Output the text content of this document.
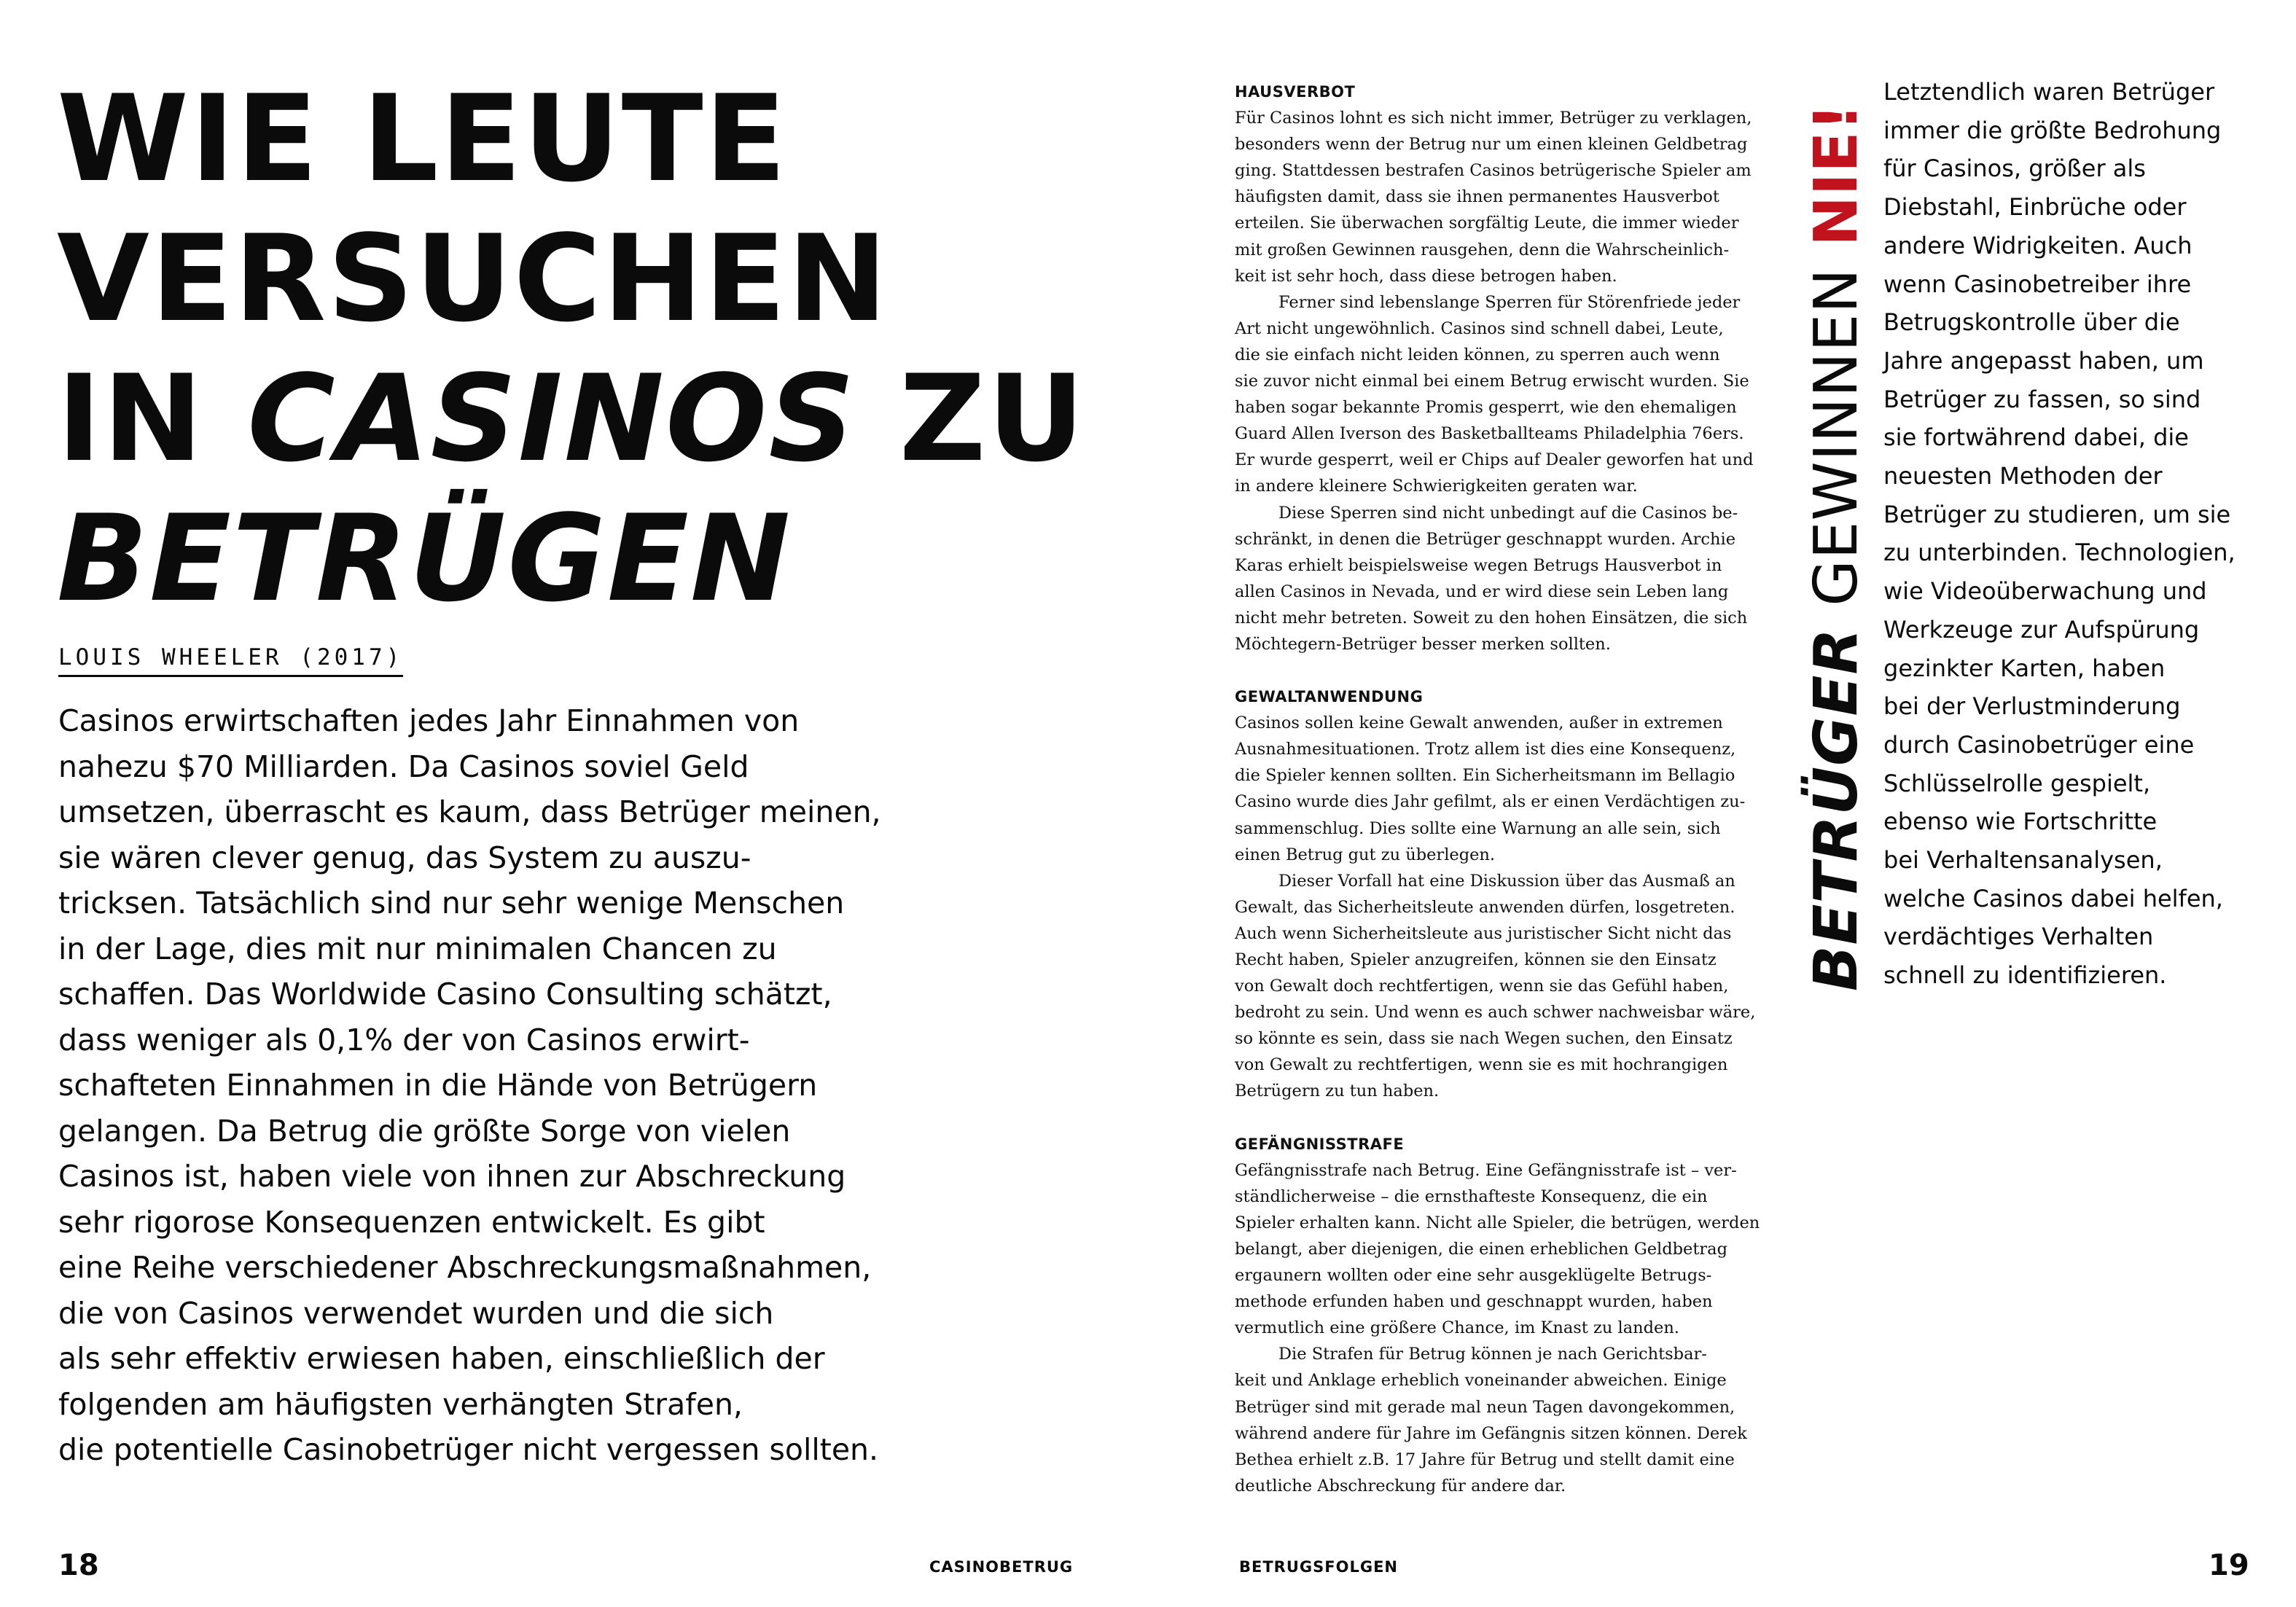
WIE LEUTE
VERSUCHEN
IN CASINOS ZU
BETRÜGEN
LOUIS WHEELER (2017)
Casinos erwirtschaften jedes Jahr Einnahmen von
nahezu $70 Milliarden. Da Casinos soviel Geld
umsetzen, überrascht es kaum, dass Betrüger meinen,
sie wären clever genug, das System zu auszu-
tricksen. Tatsächlich sind nur sehr wenige Menschen
in der Lage, dies mit nur minimalen Chancen zu
schaffen. Das Worldwide Casino Consulting schätzt,
dass weniger als 0,1% der von Casinos erwirt-
schafteten Einnahmen in die Hände von Betrügern
gelangen. Da Betrug die größte Sorge von vielen
Casinos ist, haben viele von ihnen zur Abschreckung
sehr rigorose Konsequenzen entwickelt. Es gibt
eine Reihe verschiedener Abschreckungsmaßnahmen,
die von Casinos verwendet wurden und die sich
als sehr effektiv erwiesen haben, einschließlich der
folgenden am häufigsten verhängten Strafen,
die potentielle Casinobetrüger nicht vergessen sollten.
18	CASINOBETRUG
HAUSVERBOT
Für Casinos lohnt es sich nicht immer, Betrüger zu verklagen,
besonders wenn der Betrug nur um einen kleinen Geldbetrag
ging. Stattdessen bestrafen Casinos betrügerische Spieler am
häufigsten damit, dass sie ihnen permanentes Hausverbot
erteilen. Sie überwachen sorgfältig Leute, die immer wieder
mit großen Gewinnen rausgehen, denn die Wahrscheinlich-
keit ist sehr hoch, dass diese betrogen haben.
Ferner sind lebenslange Sperren für Störenfriede jeder
Art nicht ungewöhnlich. Casinos sind schnell dabei, Leute,
die sie einfach nicht leiden können, zu sperren auch wenn
sie zuvor nicht einmal bei einem Betrug erwischt wurden. Sie
haben sogar bekannte Promis gesperrt, wie den ehemaligen
Guard Allen Iverson des Basketballteams Philadelphia 76ers.
Er wurde gesperrt, weil er Chips auf Dealer geworfen hat und
in andere kleinere Schwierigkeiten geraten war.
Diese Sperren sind nicht unbedingt auf die Casinos be-
schränkt, in denen die Betrüger geschnappt wurden. Archie
Karas erhielt beispielsweise wegen Betrugs Hausverbot in
allen Casinos in Nevada, und er wird diese sein Leben lang
nicht mehr betreten. Soweit zu den hohen Einsätzen, die sich
Möchtegern-Betrüger besser merken sollten.
GEWALTANWENDUNG
Casinos sollen keine Gewalt anwenden, außer in extremen
Ausnahmesituationen. Trotz allem ist dies eine Konsequenz,
die Spieler kennen sollten. Ein Sicherheitsmann im Bellagio
Casino wurde dies Jahr gefilmt, als er einen Verdächtigen zu-
sammenschlug. Dies sollte eine Warnung an alle sein, sich
einen Betrug gut zu überlegen.
Dieser Vorfall hat eine Diskussion über das Ausmaß an
Gewalt, das Sicherheitsleute anwenden dürfen, losgetreten.
Auch wenn Sicherheitsleute aus juristischer Sicht nicht das
Recht haben, Spieler anzugreifen, können sie den Einsatz
von Gewalt doch rechtfertigen, wenn sie das Gefühl haben,
bedroht zu sein. Und wenn es auch schwer nachweisbar wäre,
so könnte es sein, dass sie nach Wegen suchen, den Einsatz
von Gewalt zu rechtfertigen, wenn sie es mit hochrangigen
Betrügern zu tun haben.
GEFÄNGNISSTRAFE
Gefängnisstrafe nach Betrug. Eine Gefängnisstrafe ist – ver-
ständlicherweise – die ernsthafteste Konsequenz, die ein
Spieler erhalten kann. Nicht alle Spieler, die betrügen, werden
belangt, aber diejenigen, die einen erheblichen Geldbetrag
ergaunern wollten oder eine sehr ausgeklügelte Betrugs-
methode erfunden haben und geschnappt wurden, haben
vermutlich eine größere Chance, im Knast zu landen.
Die Strafen für Betrug können je nach Gerichtsbar-
keit und Anklage erheblich voneinander abweichen. Einige
Betrüger sind mit gerade mal neun Tagen davongekommen,
während andere für Jahre im Gefängnis sitzen können. Derek
Bethea erhielt z.B. 17 Jahre für Betrug und stellt damit eine
deutliche Abschreckung für andere dar.
BETRÜGER GEWINNEN NIE!
Letztendlich waren Betrüger
immer die größte Bedrohung
für Casinos, größer als
Diebstahl, Einbrüche oder
andere Widrigkeiten. Auch
wenn Casinobetreiber ihre
Betrugskontrolle über die
Jahre angepasst haben, um
Betrüger zu fassen, so sind
sie fortwährend dabei, die
neuesten Methoden der
Betrüger zu studieren, um sie
zu unterbinden. Technologien,
wie Videoüberwachung und
Werkzeuge zur Aufspürung
gezinkter Karten, haben
bei der Verlustminderung
durch Casinobetrüger eine
Schlüsselrolle gespielt,
ebenso wie Fortschritte
bei Verhaltensanalysen,
welche Casinos dabei helfen,
verdächtiges Verhalten
schnell zu identifizieren.
BETRUGSFOLGEN	19
